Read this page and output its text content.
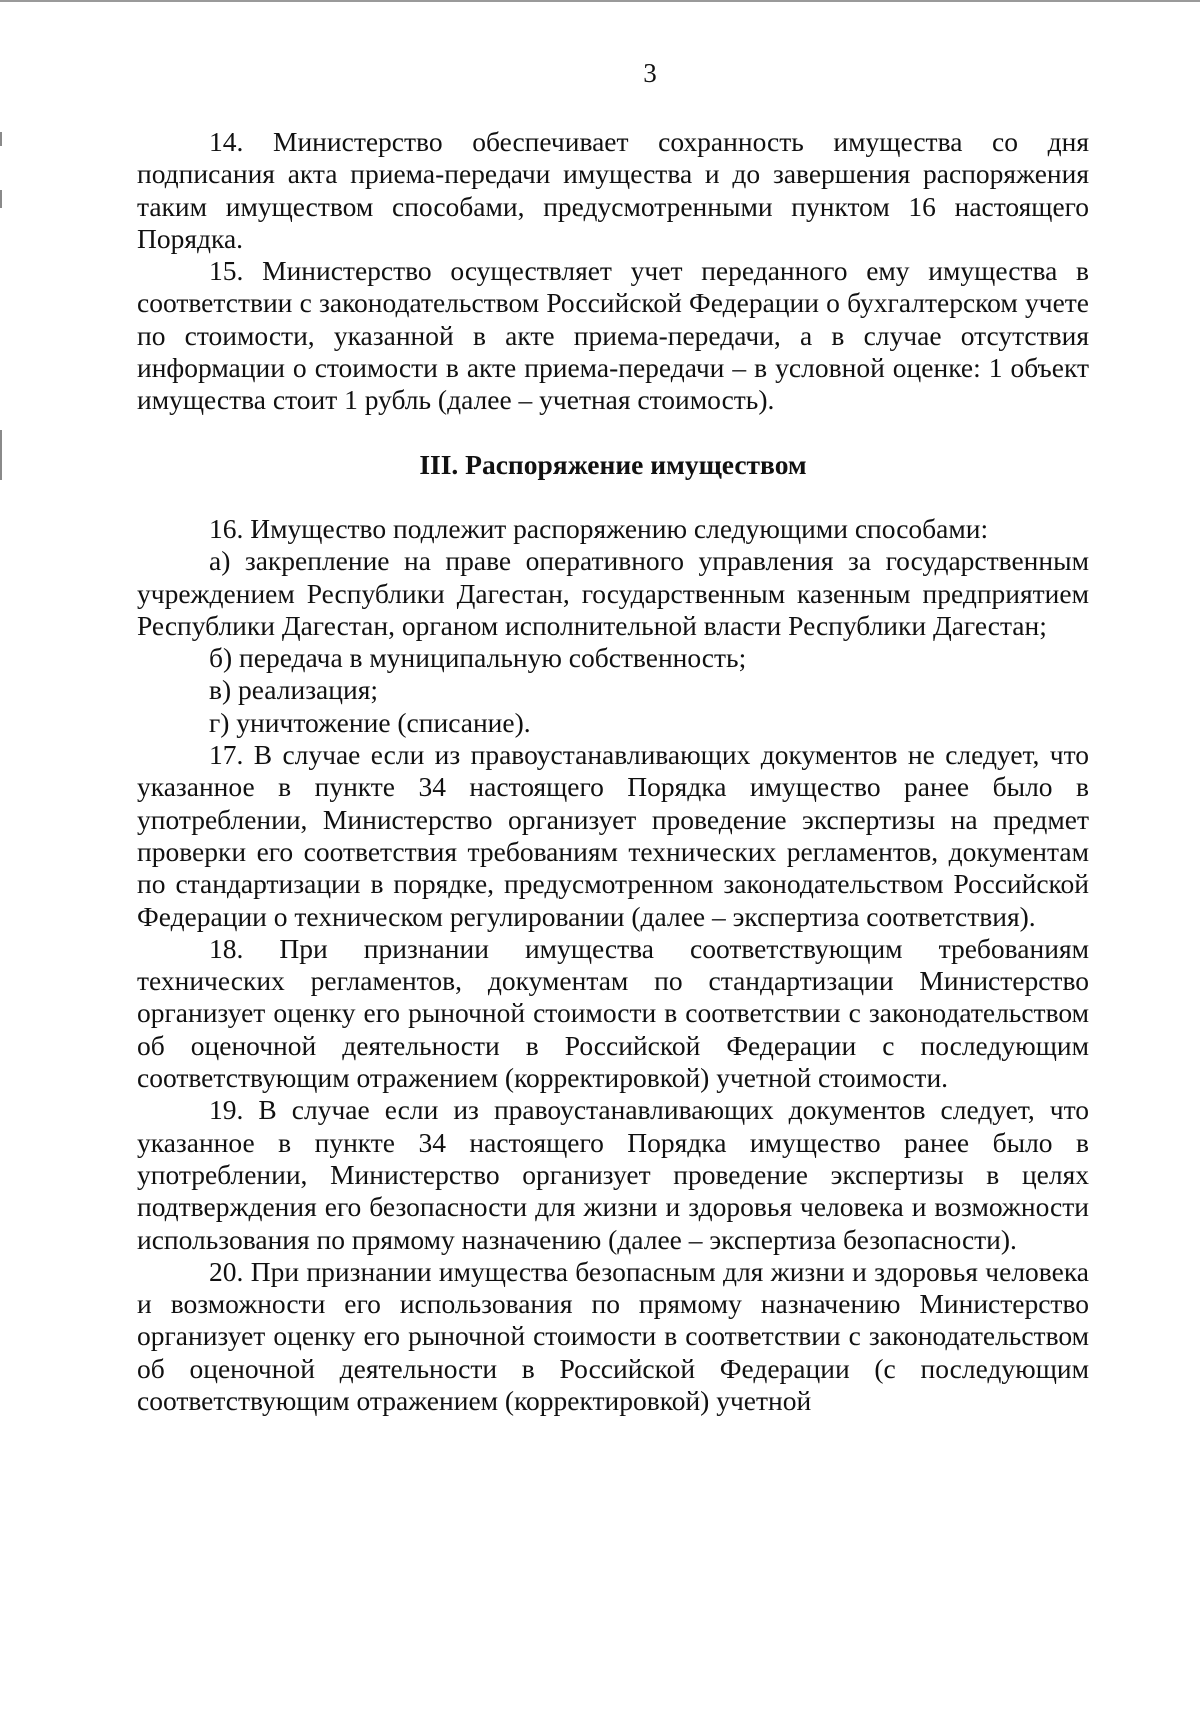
3

14. Министерство обеспечивает сохранность имущества со дня подписания акта приема-передачи имущества и до завершения распоряжения таким имуществом способами, предусмотренными пунктом 16 настоящего Порядка.

15. Министерство осуществляет учет переданного ему имущества в соответствии с законодательством Российской Федерации о бухгалтерском учете по стоимости, указанной в акте приема-передачи, а в случае отсутствия информации о стоимости в акте приема-передачи – в условной оценке: 1 объект имущества стоит 1 рубль (далее – учетная стоимость).

III. Распоряжение имуществом

16. Имущество подлежит распоряжению следующими способами:

а) закрепление на праве оперативного управления за государственным учреждением Республики Дагестан, государственным казенным предприятием Республики Дагестан, органом исполнительной власти Республики Дагестан;

б) передача в муниципальную собственность;

в) реализация;

г) уничтожение (списание).

17. В случае если из правоустанавливающих документов не следует, что указанное в пункте 34 настоящего Порядка имущество ранее было в употреблении, Министерство организует проведение экспертизы на предмет проверки его соответствия требованиям технических регламентов, документам по стандартизации в порядке, предусмотренном законодательством Российской Федерации о техническом регулировании (далее – экспертиза соответствия).

18. При признании имущества соответствующим требованиям технических регламентов, документам по стандартизации Министерство организует оценку его рыночной стоимости в соответствии с законодательством об оценочной деятельности в Российской Федерации с последующим соответствующим отражением (корректировкой) учетной стоимости.

19. В случае если из правоустанавливающих документов следует, что указанное в пункте 34 настоящего Порядка имущество ранее было в употреблении, Министерство организует проведение экспертизы в целях подтверждения его безопасности для жизни и здоровья человека и возможности использования по прямому назначению (далее – экспертиза безопасности).

20. При признании имущества безопасным для жизни и здоровья человека и возможности его использования по прямому назначению Министерство организует оценку его рыночной стоимости в соответствии с законодательством об оценочной деятельности в Российской Федерации (с последующим соответствующим отражением (корректировкой) учетной
